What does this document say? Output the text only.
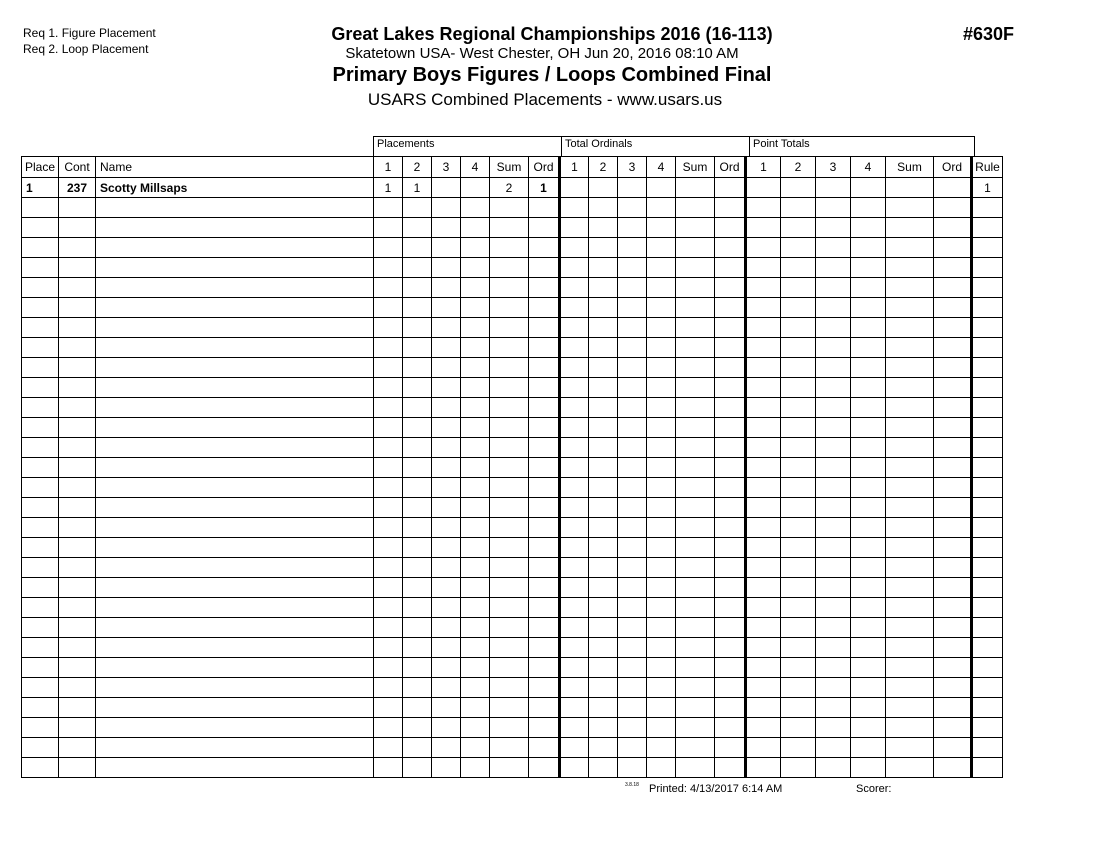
Req 1. Figure Placement
Req 2. Loop Placement
Great Lakes Regional Championships 2016 (16-113)
Skatetown USA- West Chester, OH Jun 20, 2016 08:10 AM
Primary Boys Figures / Loops Combined Final
USARS Combined Placements - www.usars.us
#630F
Placements	Total Ordinals	Point Totals
Place	Cont	Name	1	2	3	4	Sum	Ord	1	2	3	4	Sum	Ord	1	2	3	4	Sum	Ord	Rule
1	237	Scotty Millsaps	1	1			2	1													1

3.8.18 Printed: 4/13/2017 6:14 AM	Scorer:
